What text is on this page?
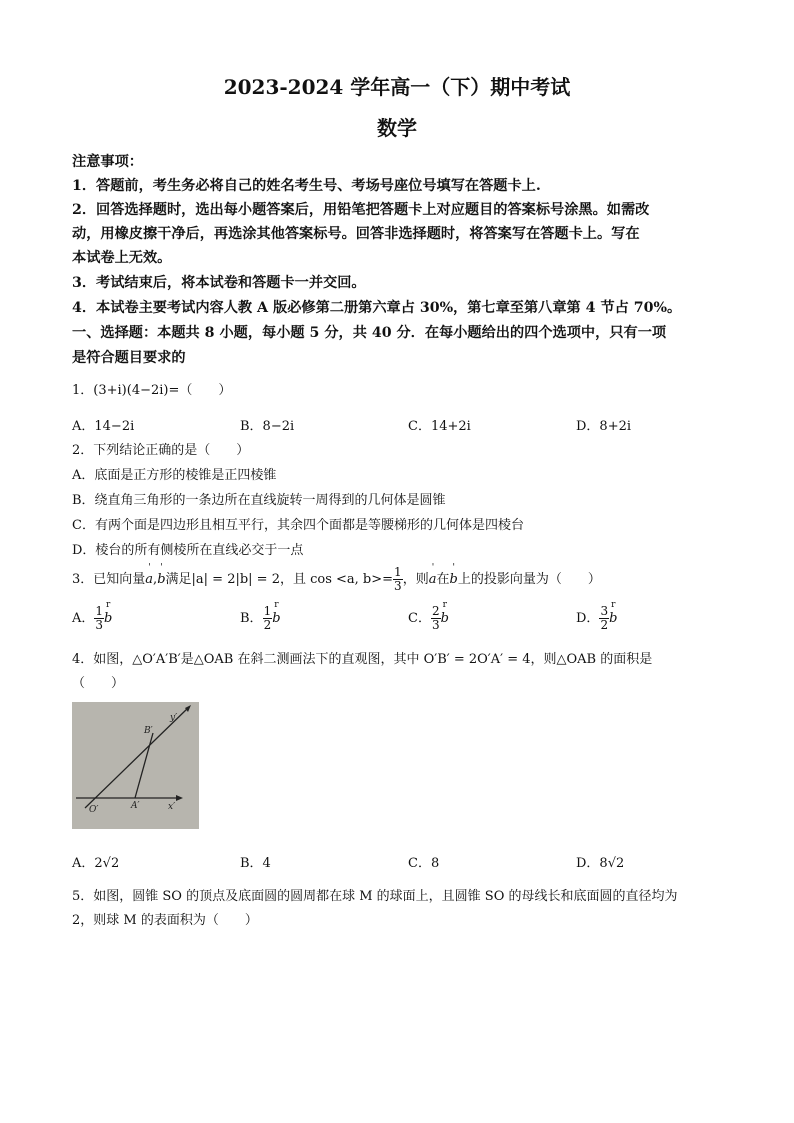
2023-2024 学年高一（下）期中考试
数学
注意事项：
1．答题前，考生务必将自己的姓名考生号、考场号座位号填写在答题卡上.
2．回答选择题时，选出每小题答案后，用铅笔把答题卡上对应题目的答案标号涂黑。如需改
动，用橡皮擦干净后，再选涂其他答案标号。回答非选择题时，将答案写在答题卡上。写在
本试卷上无效。
3．考试结束后，将本试卷和答题卡一并交回。
4．本试卷主要考试内容人教 A 版必修第二册第六章占 30%，第七章至第八章第 4 节占 70%。
一、选择题：本题共 8 小题，每小题 5 分，共 40 分．在每小题给出的四个选项中，只有一项
是符合题目要求的
1．(3+i)(4−2i)=（　　）
A．14−2i	B．8−2i	C．14+2i	D．8+2i
2．下列结论正确的是（　　）
A．底面是正方形的棱锥是正四棱锥
B．绕直角三角形的一条边所在直线旋转一周得到的几何体是圆锥
C．有两个面是四边形且相互平行，其余四个面都是等腰梯形的几何体是四棱台
D．棱台的所有侧棱所在直线必交于一点
3．已知向量' a,' b满足|a| = 2|b| = 2，且 cos <a, $b>= \frac{1}{3}$ ，则' a在' b上的投影向量为（　　）
A． $\frac{1}{3}$ r b	B． $\frac{1}{2}$ r b	C． $\frac{2}{3}$ r b	D． $\frac{3}{2}$ r b
4．如图，△O′A′B′是△OAB 在斜二测画法下的直观图，其中 O′B′ = 2O′A′ = 4，则△OAB 的面积是
（　　）
y′
B′
O′	A′	x′
A．2√2	B．4	C．8	D．8√2
5．如图，圆锥 SO 的顶点及底面圆的圆周都在球 M 的球面上，且圆锥 SO 的母线长和底面圆的直径均为
2，则球 M 的表面积为（　　）
